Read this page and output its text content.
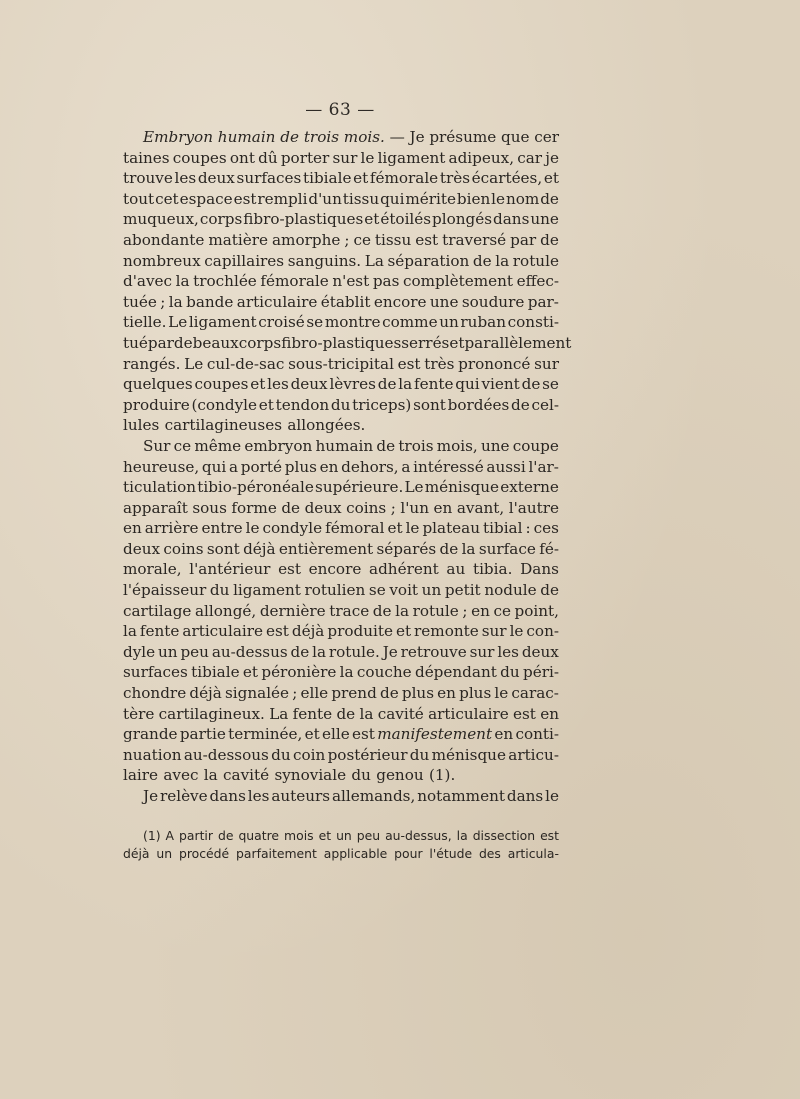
— 63 —
Embryon humain de trois mois. — Je présume que cer
taines coupes ont dû porter sur le ligament adipeux, car je
trouve les deux surfaces tibiale et fémorale très écartées, et
tout cet espace est rempli d'un tissu qui mérite bien le nom de
muqueux, corps fibro-plastiques et étoilés plongés dans une
abondante matière amorphe ; ce tissu est traversé par de
nombreux capillaires sanguins. La séparation de la rotule
d'avec la trochlée fémorale n'est pas complètement effec-
tuée ; la bande articulaire établit encore une soudure par-
tielle. Le ligament croisé se montre comme un ruban consti-
tué par de beaux corps fibro-plastiques serrés et parallèlement
rangés. Le cul-de-sac sous-tricipital est très prononcé sur
quelques coupes et les deux lèvres de la fente qui vient de se
produire (condyle et tendon du triceps) sont bordées de cel-
lules cartilagineuses allongées.
Sur ce même embryon humain de trois mois, une coupe
heureuse, qui a porté plus en dehors, a intéressé aussi l'ar-
ticulation tibio-péronéale supérieure. Le ménisque externe
apparaît sous forme de deux coins ; l'un en avant, l'autre
en arrière entre le condyle fémoral et le plateau tibial : ces
deux coins sont déjà entièrement séparés de la surface fé-
morale, l'antérieur est encore adhérent au tibia. Dans
l'épaisseur du ligament rotulien se voit un petit nodule de
cartilage allongé, dernière trace de la rotule ; en ce point,
la fente articulaire est déjà produite et remonte sur le con-
dyle un peu au-dessus de la rotule. Je retrouve sur les deux
surfaces tibiale et péronière la couche dépendant du péri-
chondre déjà signalée ; elle prend de plus en plus le carac-
tère cartilagineux. La fente de la cavité articulaire est en
grande partie terminée, et elle est manifestement en conti-
nuation au-dessous du coin postérieur du ménisque articu-
laire avec la cavité synoviale du genou (1).
Je relève dans les auteurs allemands, notamment dans le
(1) A partir de quatre mois et un peu au-dessus, la dissection est
déjà un procédé parfaitement applicable pour l'étude des articula-
